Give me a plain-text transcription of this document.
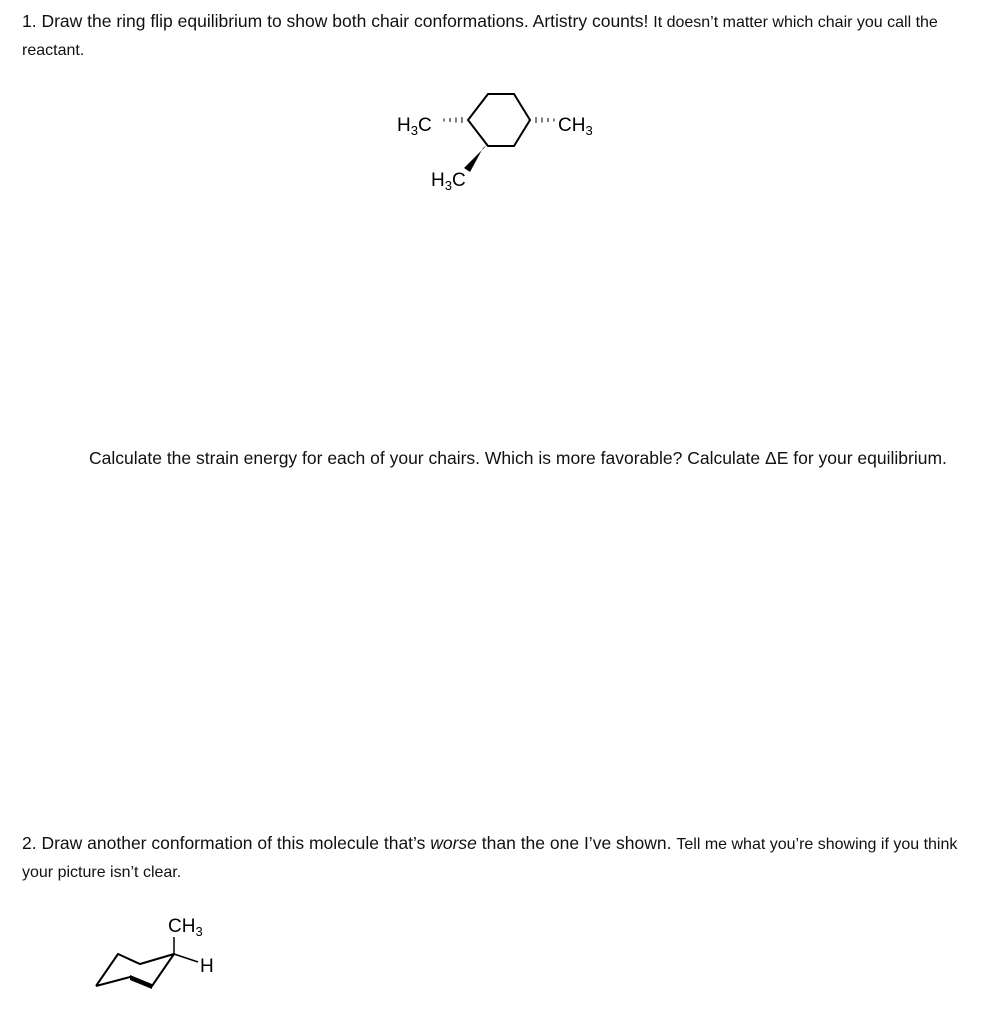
1. Draw the ring flip equilibrium to show both chair conformations. Artistry counts! It doesn’t matter which chair you call the reactant.

Calculate the strain energy for each of your chairs. Which is more favorable? Calculate ΔE for your equilibrium.

2. Draw another conformation of this molecule that’s worse than the one I’ve shown. Tell me what you’re showing if you think your picture isn’t clear.

$H_3C$	$CH_3$
$H_3C$
$CH_3$
H
